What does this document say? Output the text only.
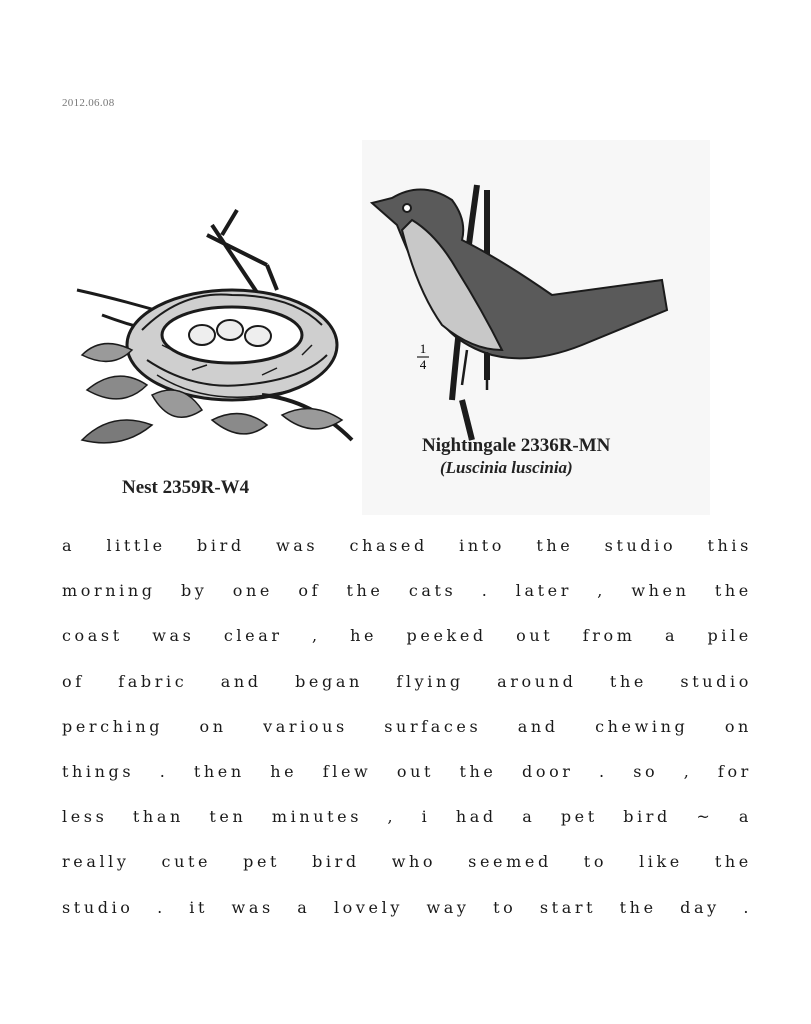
2012.06.08
1
4
Nest 2359R-W4
Nightingale 2336R-MN
(Luscinia luscinia)
a little bird was chased into the studio this
morning by one of the cats . later , when the
coast was clear , he peeked out from a pile
of fabric and began flying around the studio
perching on various surfaces and chewing on
things . then he flew out the door . so , for
less than ten minutes , i had a pet bird ~ a
really cute pet bird who seemed to like the
studio . it was a lovely way to start the day .
